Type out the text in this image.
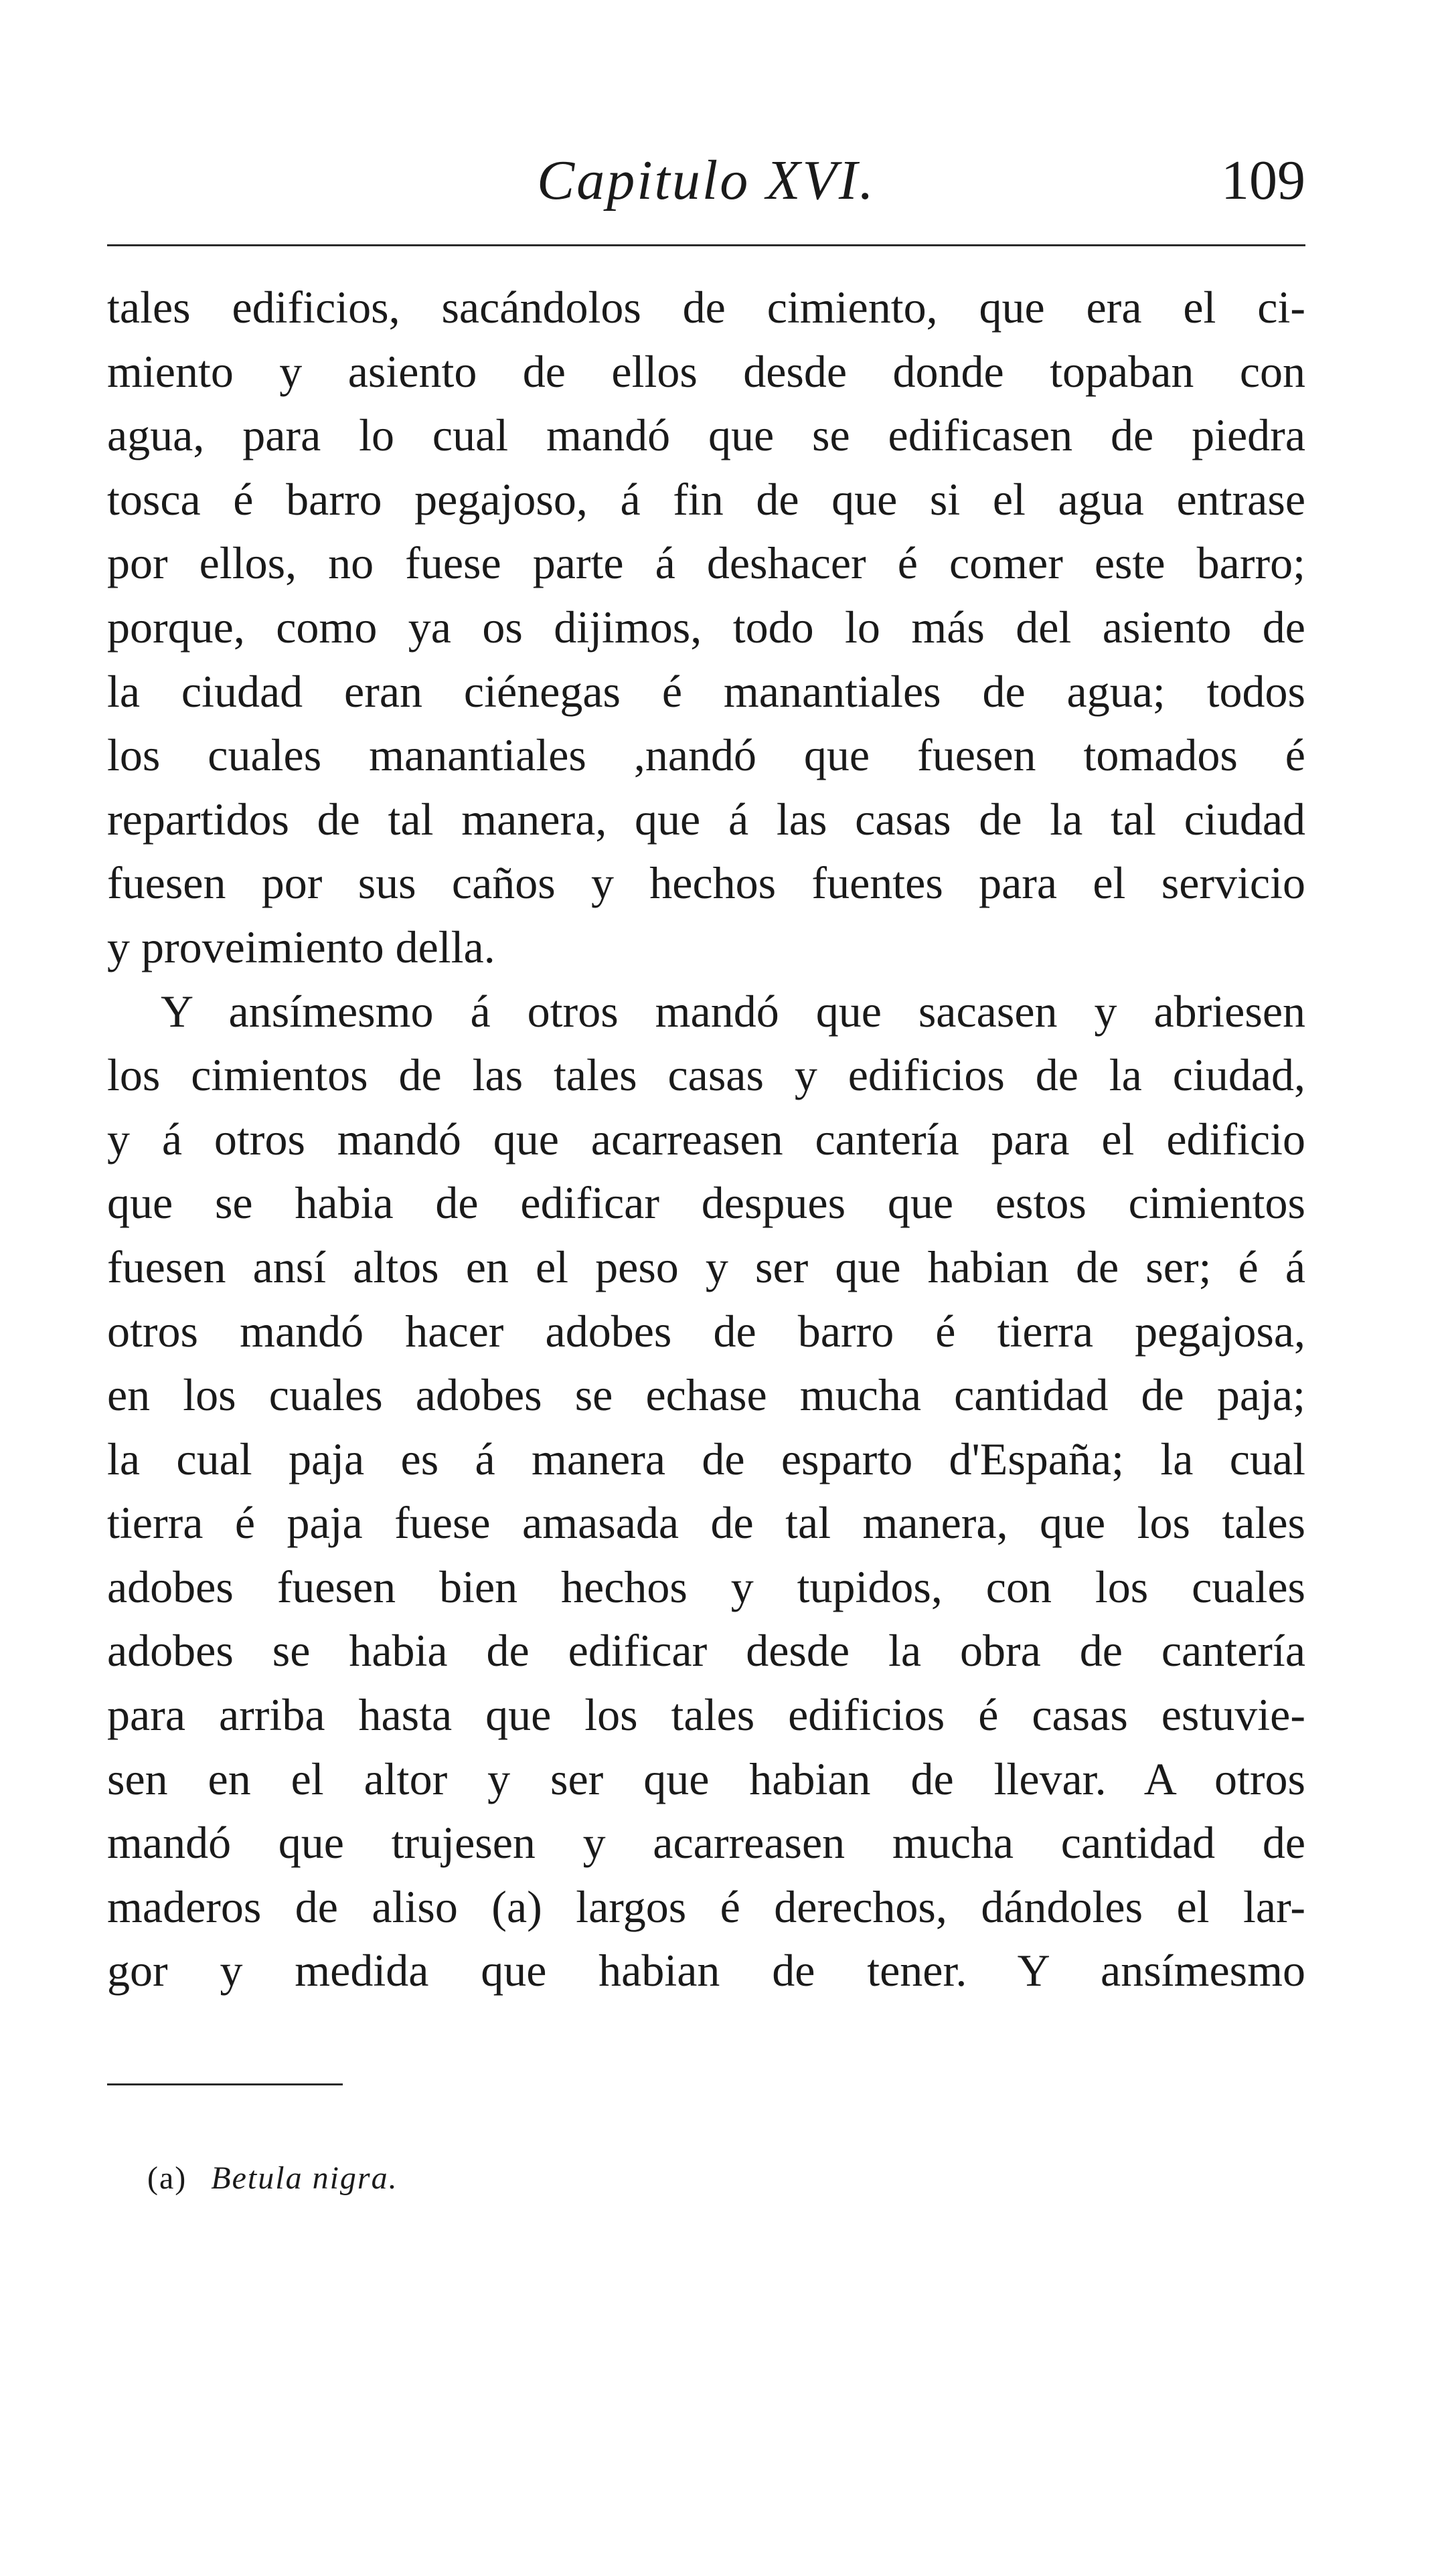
Capitulo XVI.	109
tales edificios, sacándolos de cimiento, que era el ci-
miento y asiento de ellos desde donde topaban con
agua, para lo cual mandó que se edificasen de piedra
tosca é barro pegajoso, á fin de que si el agua entrase
por ellos, no fuese parte á deshacer é comer este barro;
porque, como ya os dijimos, todo lo más del asiento de
la ciudad eran ciénegas é manantiales de agua; todos
los cuales manantiales ,nandó que fuesen tomados é
repartidos de tal manera, que á las casas de la tal ciudad
fuesen por sus caños y hechos fuentes para el servicio
y proveimiento della.
Y ansímesmo á otros mandó que sacasen y abriesen
los cimientos de las tales casas y edificios de la ciudad,
y á otros mandó que acarreasen cantería para el edificio
que se habia de edificar despues que estos cimientos
fuesen ansí altos en el peso y ser que habian de ser; é á
otros mandó hacer adobes de barro é tierra pegajosa,
en los cuales adobes se echase mucha cantidad de paja;
la cual paja es á manera de esparto d'España; la cual
tierra é paja fuese amasada de tal manera, que los tales
adobes fuesen bien hechos y tupidos, con los cuales
adobes se habia de edificar desde la obra de cantería
para arriba hasta que los tales edificios é casas estuvie-
sen en el altor y ser que habian de llevar. A otros
mandó que trujesen y acarreasen mucha cantidad de
maderos de aliso (a) largos é derechos, dándoles el lar-
gor y medida que habian de tener. Y ansímesmo
(a) Betula nigra.
